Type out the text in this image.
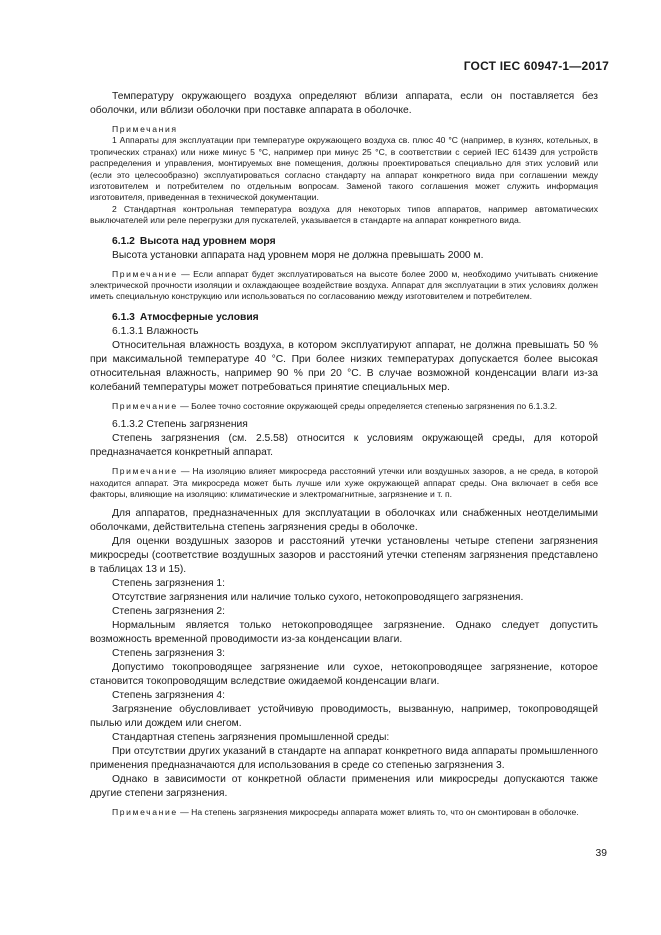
ГОСТ IEC 60947-1—2017

Температуру окружающего воздуха определяют вблизи аппарата, если он поставляется без оболочки, или вблизи оболочки при поставке аппарата в оболочке.

Примечания

1 Аппараты для эксплуатации при температуре окружающего воздуха св. плюс 40 °С (например, в кузнях, котельных, в тропических странах) или ниже минус 5 °С, например при минус 25 °С, в соответствии с серией IEC 61439 для устройств распределения и управления, монтируемых вне помещения, должны проектироваться специально для этих условий или (если это целесообразно) эксплуатироваться согласно стандарту на аппарат конкретного вида при соглашении между изготовителем и потребителем по отдельным вопросам. Заменой такого соглашения может служить информация изготовителя, приведенная в технической документации.

2 Стандартная контрольная температура воздуха для некоторых типов аппаратов, например автоматических выключателей или реле перегрузки для пускателей, указывается в стандарте на аппарат конкретного вида.

6.1.2 Высота над уровнем моря

Высота установки аппарата над уровнем моря не должна превышать 2000 м.

Примечание — Если аппарат будет эксплуатироваться на высоте более 2000 м, необходимо учитывать снижение электрической прочности изоляции и охлаждающее воздействие воздуха. Аппарат для эксплуатации в этих условиях должен иметь специальную конструкцию или использоваться по согласованию между изготовителем и потребителем.

6.1.3 Атмосферные условия

6.1.3.1 Влажность

Относительная влажность воздуха, в котором эксплуатируют аппарат, не должна превышать 50 % при максимальной температуре 40 °С. При более низких температурах допускается более высокая относительная влажность, например 90 % при 20 °С. В случае возможной конденсации влаги из-за колебаний температуры может потребоваться принятие специальных мер.

Примечание — Более точно состояние окружающей среды определяется степенью загрязнения по 6.1.3.2.

6.1.3.2 Степень загрязнения

Степень загрязнения (см. 2.5.58) относится к условиям окружающей среды, для которой предназначается конкретный аппарат.

Примечание — На изоляцию влияет микросреда расстояний утечки или воздушных зазоров, а не среда, в которой находится аппарат. Эта микросреда может быть лучше или хуже окружающей аппарат среды. Она включает в себя все факторы, влияющие на изоляцию: климатические и электромагнитные, загрязнение и т. п.

Для аппаратов, предназначенных для эксплуатации в оболочках или снабженных неотделимыми оболочками, действительна степень загрязнения среды в оболочке.

Для оценки воздушных зазоров и расстояний утечки установлены четыре степени загрязнения микросреды (соответствие воздушных зазоров и расстояний утечки степеням загрязнения представлено в таблицах 13 и 15).

Степень загрязнения 1:

Отсутствие загрязнения или наличие только сухого, нетокопроводящего загрязнения.

Степень загрязнения 2:

Нормальным является только нетокопроводящее загрязнение. Однако следует допустить возможность временной проводимости из-за конденсации влаги.

Степень загрязнения 3:

Допустимо токопроводящее загрязнение или сухое, нетокопроводящее загрязнение, которое становится токопроводящим вследствие ожидаемой конденсации влаги.

Степень загрязнения 4:

Загрязнение обусловливает устойчивую проводимость, вызванную, например, токопроводящей пылью или дождем или снегом.

Стандартная степень загрязнения промышленной среды:

При отсутствии других указаний в стандарте на аппарат конкретного вида аппараты промышленного применения предназначаются для использования в среде со степенью загрязнения 3.

Однако в зависимости от конкретной области применения или микросреды допускаются также другие степени загрязнения.

Примечание — На степень загрязнения микросреды аппарата может влиять то, что он смонтирован в оболочке.

39
